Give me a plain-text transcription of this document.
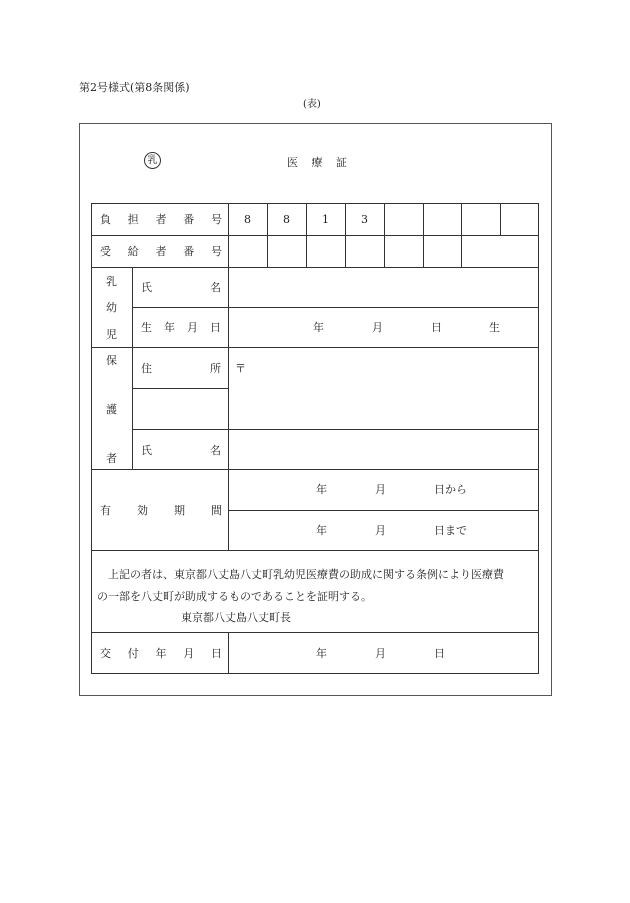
第2号様式(第8条関係)
(表)
乳	医 療 証
負 担 者 番 号	8	8	1	3
受 給 者 番 号
乳
幼
児
氏	名
生 年 月 日	年	月	日	生
保
護
者
住	所 〒
氏	名
有 効 期 間
年	月	日から
年	月	日まで
上記の者は、東京都八丈島八丈町乳幼児医療費の助成に関する条例により医療費
の一部を八丈町が助成するものであることを証明する。
東京都八丈島八丈町長
交 付 年 月 日	年	月	日
